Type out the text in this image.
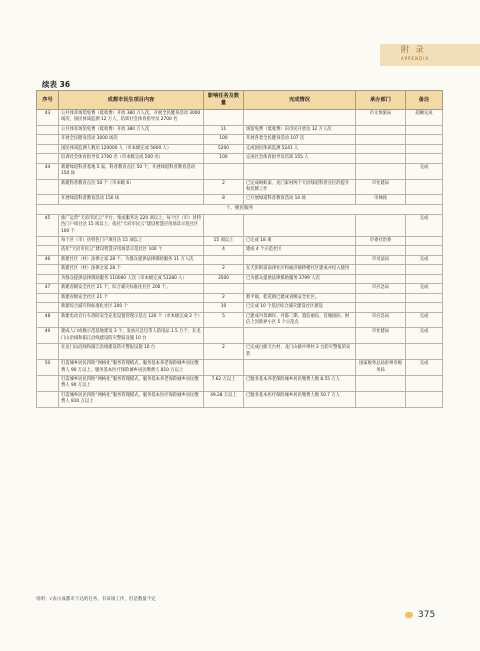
附 录
APPENDIX
续表 36
序号	成都市民生项目内容	影响任务及数量	完成情况	承办部门	备注
43	公共体育场馆免费（低收费）开放 380 万人次，开展全民健身活动 3000 场次，国民体质监测 12 万人，培训社会体育指导员 2700 名			市文体旅局	超额完成
	公共体育场馆免费（低收费）开放 380 万人次	11	场馆免费（低收费）向市民开放达 12 万人次		
	开展全民健身活动 3000 场次	100	开展各类全民健身活动 107 次		
	国民体质监测人数达 120000 人（市本级完成 5600 人）	5200	完成国民体质监测 5241 人		
	培训社会体育指导员 2700 名（市本级完成 500 名）	100	完成社会体育指导员培训 155 人		
44	新建绿道科普基地 5 家，科普教育点位 50 个，开展绿道科普教育活动 150 场				完成
	新建科普教育点位 50 个（市本级 6）	2	已完成蚂蚁家、龙门家村两个天府绿道科普点位的提升和挂牌工作	市住建局	
	开展绿道科普教育活动 150 场	8	已开展绿道科普教育活动 10 场	市林扬	
十、便民服务					
45	推广运营“天府市民云”平台，集成服务达 220 项以上，每个区（市）县特色门户项目达 15 项以上，依托“天府市民云”建设智慧应用场景示范社区 100 个				完成
	每个区（市）县特色门户项目达 15 项以上	15 项以上	已完成 18 项	市委社治委	
	依托“天府市民云”建设智慧应用场景示范社区 100 个	4	建成 4 个示范社区		
46	新建社区（村）法律之家 28 个，为群众提供法律援助服务 11 万人次			市司法局	完成
	新建社区（村）法律之家 28 个	2	在天彭街道南津社区和通济镇桥楼社区建成并投入使用		
	为群众提供法律援助服务 110000 人次（市本级完成 51280 人）	3500	已为群众提供法律援助服务 3799 人次		
47	新建省级安全社区 21 个，综合减灾标准化社区 200 个。			市应急局	完成
	新建省级安全社区 21 个	2	敖平镇、桂花镇已建成省级安全社区。		
	新建综合减灾和标准化社区 200 个	10	已完成 10 个基层综合减灾建设社区建设		
48	新建电动自行车消防安全充电设置管理示范点 120 个（市本级完成 2 个）	5	已建成丹景湖岸、丹都三期、置信丽岛、首城国际、财信上河新界小区 5 个示范点	市应急局	完成
49	建成人口成数示范基地建设 3 个，发放应急包等人防用品 1.5 万个，在龙门山沿线和湔江沿线建设防灾警报设施 10 台			市住建局	完成
	在龙门山沿线和湔江沿线建设防灾警报设施 10 台	2	已完成白鹿天台村、龙门山镇中坝村 2 台防灾警报的安装		
50	打造城乡居民四险“网格化”服务管理模式，服务基本养老保险城乡居民缴费人 90 万以上，服务基本医疗保险城乡居民缴费人 810 万以上			国家税务总局彭州市税务局	完成
	打造城乡居民四险“网格化”服务管理模式，服务基本养老保险城乡居民缴费人 90 万以上	7.62 万以上	已服务基本养老保险城乡居民缴费人数 8.55 万人		
	打造城乡居民四险“网格化”服务管理模式，服务基本医疗保险城乡居民缴费人 810 万以上	49.28 万以上	已服务基本医疗保险城乡居民缴费人数 50.7 万人		
说明：√表示成都市下达的任务，有该项工作，但是数量不定
375
